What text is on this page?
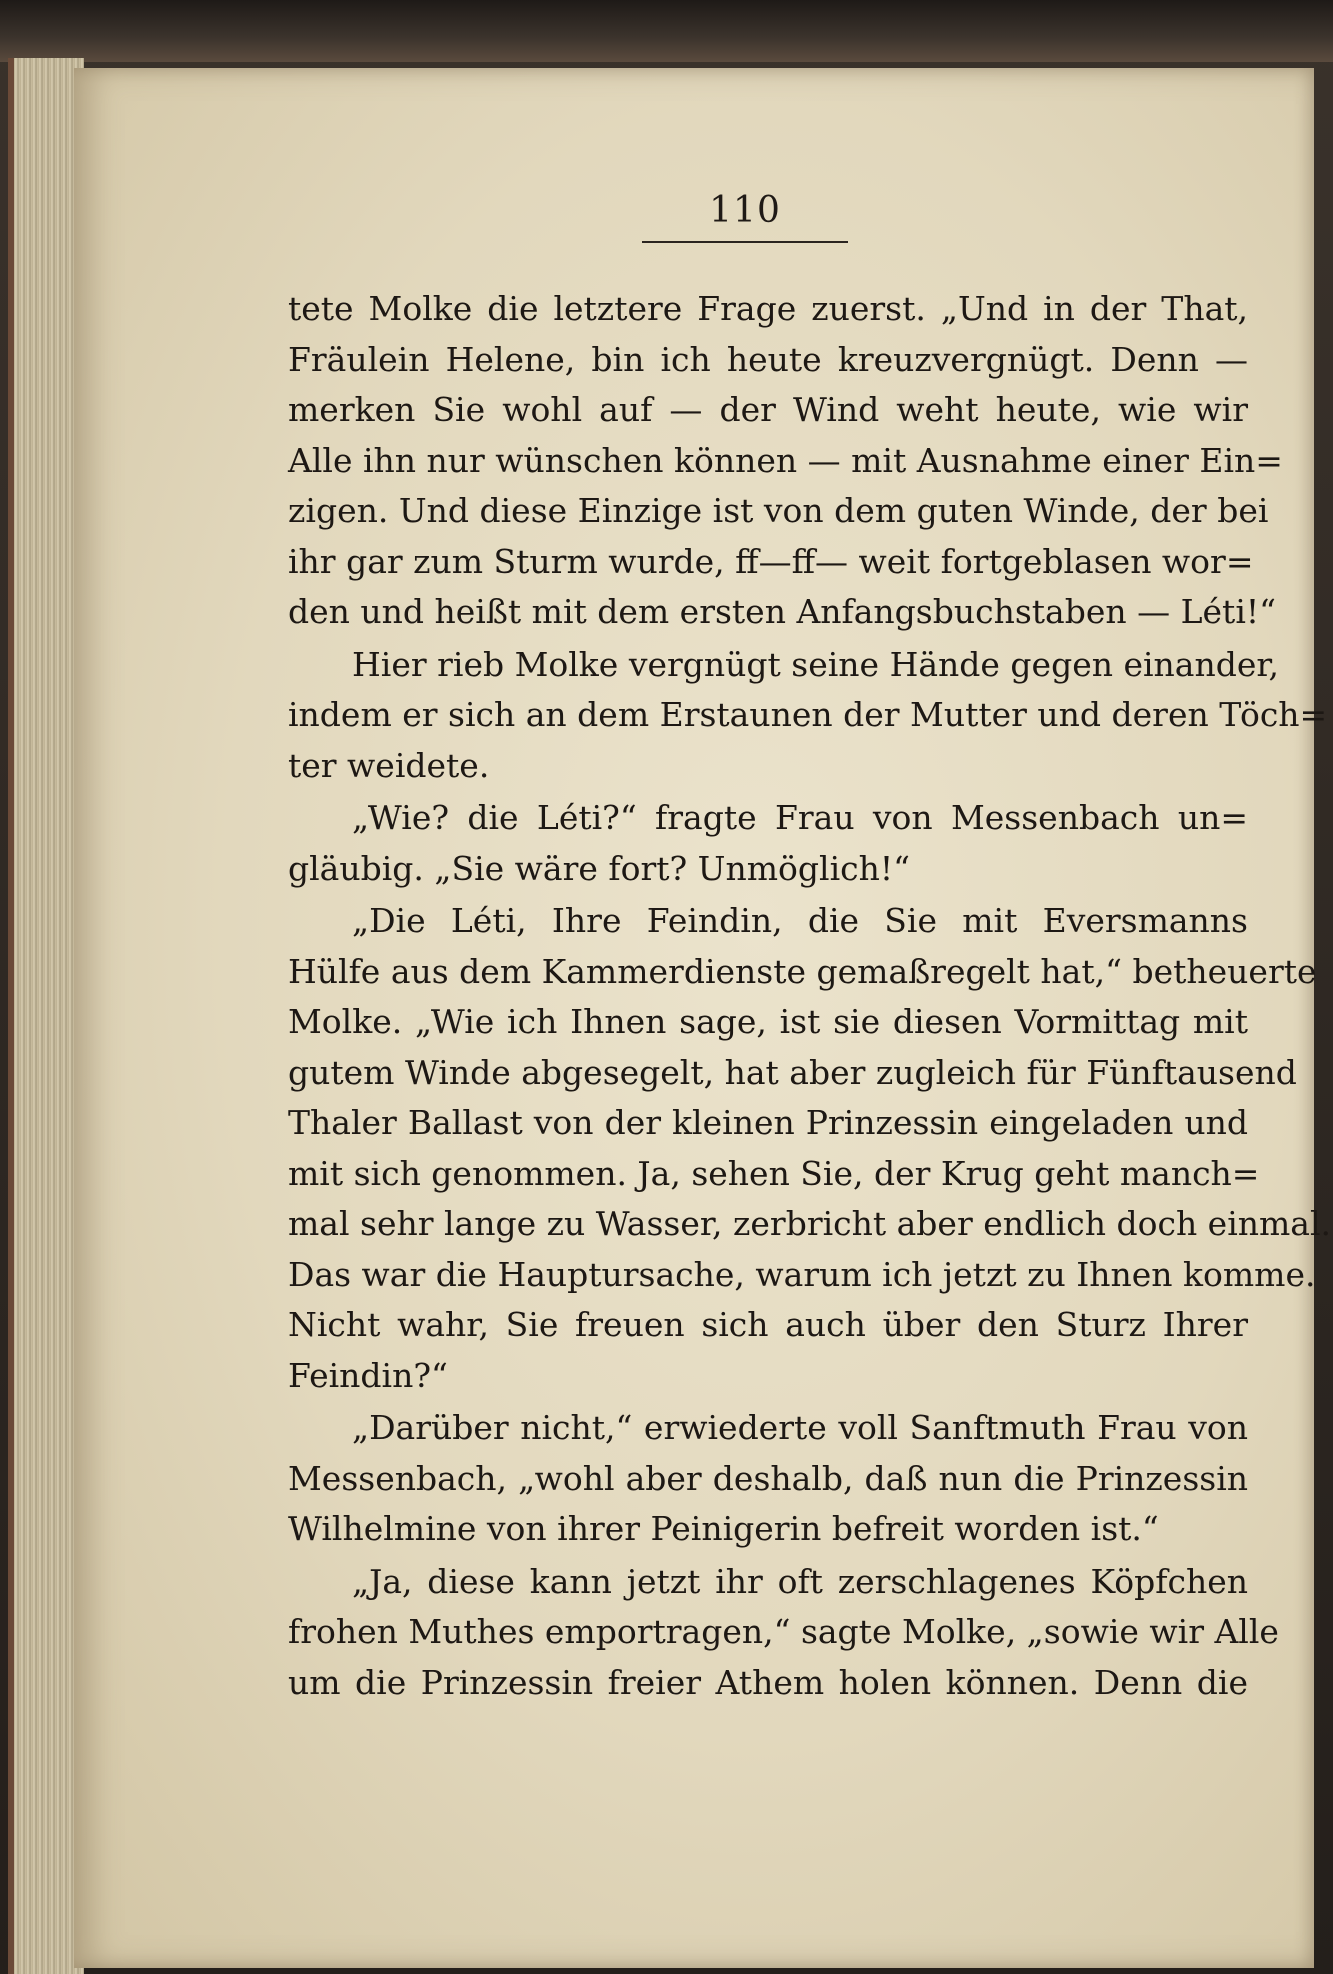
110
tete Molke die letztere Frage zuerst. „Und in der That,
Fräulein Helene, bin ich heute kreuzvergnügt. Denn —
merken Sie wohl auf — der Wind weht heute, wie wir
Alle ihn nur wünschen können — mit Ausnahme einer Ein=
zigen. Und diese Einzige ist von dem guten Winde, der bei
ihr gar zum Sturm wurde, ff—ff— weit fortgeblasen wor=
den und heißt mit dem ersten Anfangsbuchstaben — Léti!“
Hier rieb Molke vergnügt seine Hände gegen einander,
indem er sich an dem Erstaunen der Mutter und deren Töch=
ter weidete.
„Wie? die Léti?“ fragte Frau von Messenbach un=
gläubig. „Sie wäre fort? Unmöglich!“
„Die Léti, Ihre Feindin, die Sie mit Eversmanns
Hülfe aus dem Kammerdienste gemaßregelt hat,“ betheuerte
Molke. „Wie ich Ihnen sage, ist sie diesen Vormittag mit
gutem Winde abgesegelt, hat aber zugleich für Fünftausend
Thaler Ballast von der kleinen Prinzessin eingeladen und
mit sich genommen. Ja, sehen Sie, der Krug geht manch=
mal sehr lange zu Wasser, zerbricht aber endlich doch einmal.
Das war die Hauptursache, warum ich jetzt zu Ihnen komme.
Nicht wahr, Sie freuen sich auch über den Sturz Ihrer
Feindin?“
„Darüber nicht,“ erwiederte voll Sanftmuth Frau von
Messenbach, „wohl aber deshalb, daß nun die Prinzessin
Wilhelmine von ihrer Peinigerin befreit worden ist.“
„Ja, diese kann jetzt ihr oft zerschlagenes Köpfchen
frohen Muthes emportragen,“ sagte Molke, „sowie wir Alle
um die Prinzessin freier Athem holen können. Denn die
